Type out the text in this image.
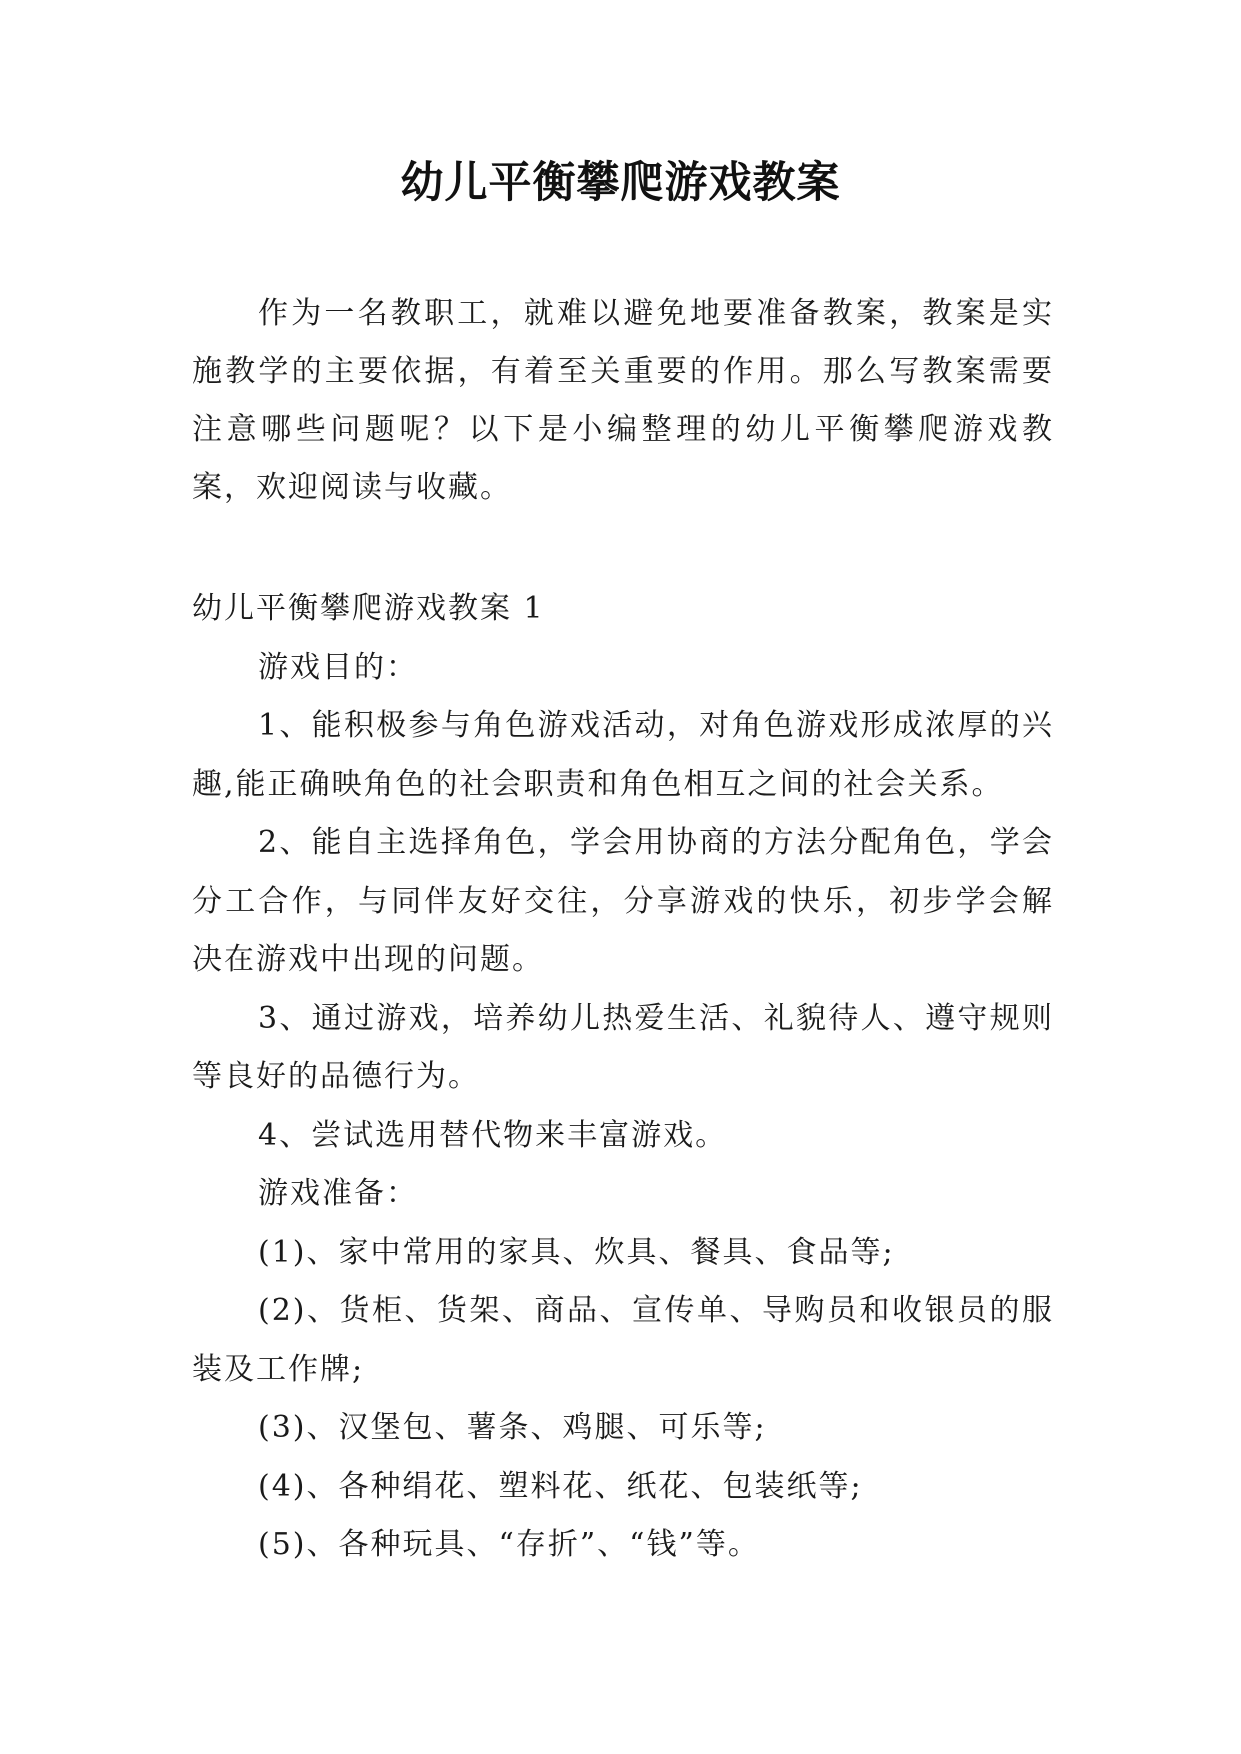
幼儿平衡攀爬游戏教案

作为一名教职工，就难以避免地要准备教案，教案是实施教学的主要依据，有着至关重要的作用。那么写教案需要注意哪些问题呢？以下是小编整理的幼儿平衡攀爬游戏教案，欢迎阅读与收藏。

幼儿平衡攀爬游戏教案 1

游戏目的：

1、能积极参与角色游戏活动，对角色游戏形成浓厚的兴趣,能正确映角色的社会职责和角色相互之间的社会关系。

2、能自主选择角色，学会用协商的方法分配角色，学会分工合作，与同伴友好交往，分享游戏的快乐，初步学会解决在游戏中出现的问题。

3、通过游戏，培养幼儿热爱生活、礼貌待人、遵守规则等良好的品德行为。

4、尝试选用替代物来丰富游戏。

游戏准备：

(1)、家中常用的家具、炊具、餐具、食品等;

(2)、货柜、货架、商品、宣传单、导购员和收银员的服装及工作牌;

(3)、汉堡包、薯条、鸡腿、可乐等;

(4)、各种绢花、塑料花、纸花、包装纸等;

(5)、各种玩具、“存折”、“钱”等。
